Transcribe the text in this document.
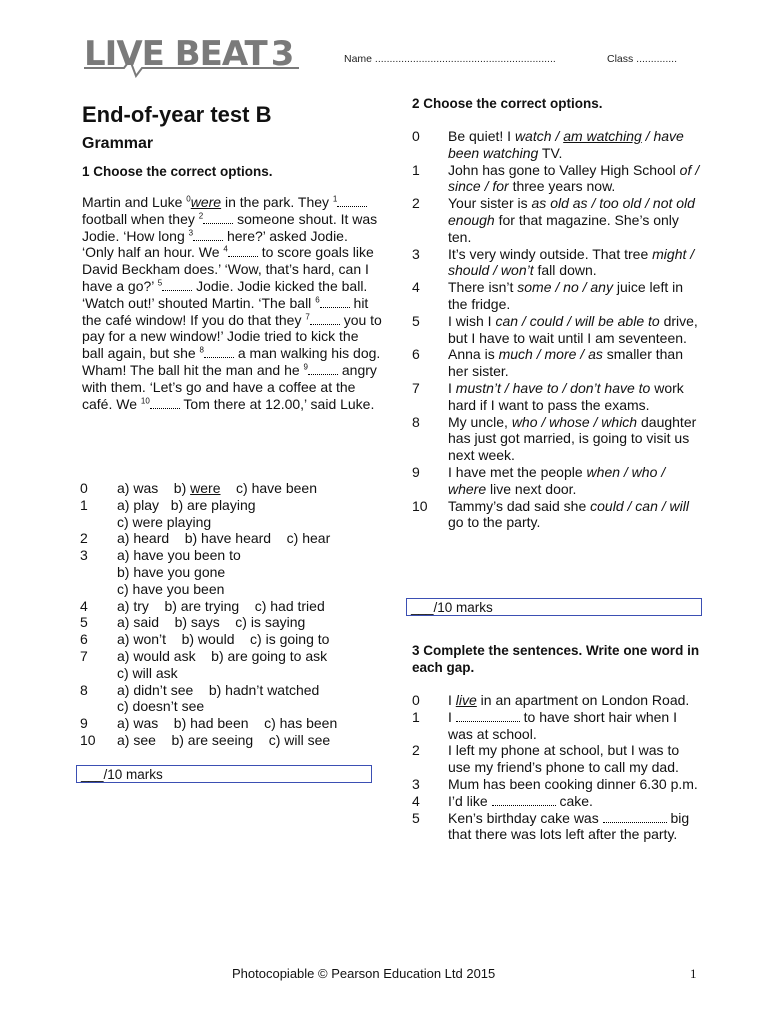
LIVE BEAT 3	Name ..............................................................	Class ..............
End-of-year test B
Grammar
1 Choose the correct options.
Martin and Luke $^0$were in the park. They $^1$ football when they $^2$ someone shout. It was Jodie. ‘How long $^3$ here?’ asked Jodie. ‘Only half an hour. We $^4$ to score goals like David Beckham does.’ ‘Wow, that’s hard, can I have a go?’ $^5$ Jodie. Jodie kicked the ball. ‘Watch out!’ shouted Martin. ‘The ball $^6$ hit the café window! If you do that they $^7$ you to pay for a new window!’ Jodie tried to kick the ball again, but she $^8$ a man walking his dog. Wham! The ball hit the man and he $^9$ angry with them. ‘Let’s go and have a coffee at the café. We $^{10}$ Tom there at 12.00,’ said Luke.
0	a) was    b) were    c) have been
1	a) play   b) are playing
c) were playing
2	a) heard    b) have heard    c) hear
3	a) have you been to
b) have you gone
c) have you been
4	a) try    b) are trying    c) had tried
5	a) said    b) says    c) is saying
6	a) won’t    b) would    c) is going to
7	a) would ask    b) are going to ask
c) will ask
8	a) didn’t see    b) hadn’t watched
c) doesn’t see
9	a) was    b) had been    c) has been
10	a) see    b) are seeing    c) will see
___/10 marks
2 Choose the correct options.
0	Be quiet! I watch / am watching / have been watching TV.
1	John has gone to Valley High School of / since / for three years now.
2	Your sister is as old as / too old / not old enough for that magazine. She’s only ten.
3	It’s very windy outside. That tree might / should / won’t fall down.
4	There isn’t some / no / any juice left in the fridge.
5	I wish I can / could / will be able to drive, but I have to wait until I am seventeen.
6	Anna is much / more / as smaller than her sister.
7	I mustn’t / have to / don’t have to work hard if I want to pass the exams.
8	My uncle, who / whose / which daughter has just got married, is going to visit us next week.
9	I have met the people when / who / where live next door.
10	Tammy’s dad said she could / can / will go to the party.
___/10 marks
3 Complete the sentences. Write one word in each gap.
0	I live in an apartment on London Road.
1	I	to have short hair when I was at school.
2	I left my phone at school, but I was to use my friend’s phone to call my dad.
3	Mum has been cooking dinner 6.30 p.m.
4	I’d like	cake.
5	Ken’s birthday cake was	big that there was lots left after the party.
Photocopiable © Pearson Education Ltd 2015	1
